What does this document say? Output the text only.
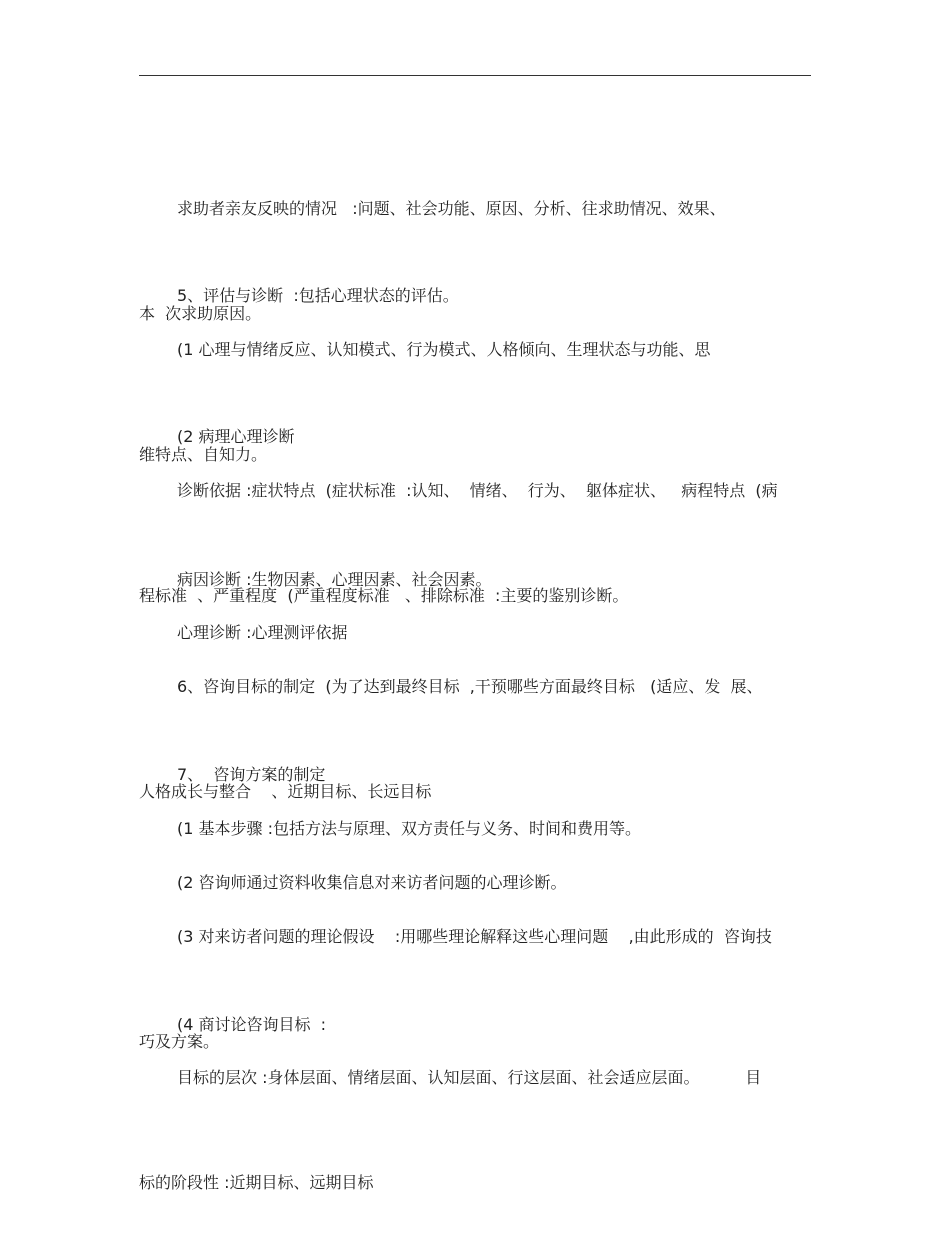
求助者亲友反映的情况   :问题、社会功能、原因、分析、往求助情况、效果、

本  次求助原因。

5、评估与诊断  :包括心理状态的评估。

(1 心理与情绪反应、认知模式、行为模式、人格倾向、生理状态与功能、思

维特点、自知力。

(2 病理心理诊断

诊断依据 :症状特点  (症状标准  :认知、  情绪、  行为、  躯体症状、   病程特点  (病

程标准  、严重程度  (严重程度标准   、排除标准  :主要的鉴别诊断。

病因诊断 :生物因素、心理因素、社会因素。

心理诊断 :心理测评依据

6、咨询目标的制定  (为了达到最终目标  ,干预哪些方面最终目标   (适应、发  展、

人格成长与整合    、近期目标、长远目标

7、  咨询方案的制定

(1 基本步骤 :包括方法与原理、双方责任与义务、时间和费用等。

(2 咨询师通过资料收集信息对来访者问题的心理诊断。

(3 对来访者问题的理论假设    :用哪些理论解释这些心理问题    ,由此形成的  咨询技

巧及方案。

(4 商讨论咨询目标  :

目标的层次 :身体层面、情绪层面、认知层面、行这层面、社会适应层面。         目

标的阶段性 :近期目标、远期目标
